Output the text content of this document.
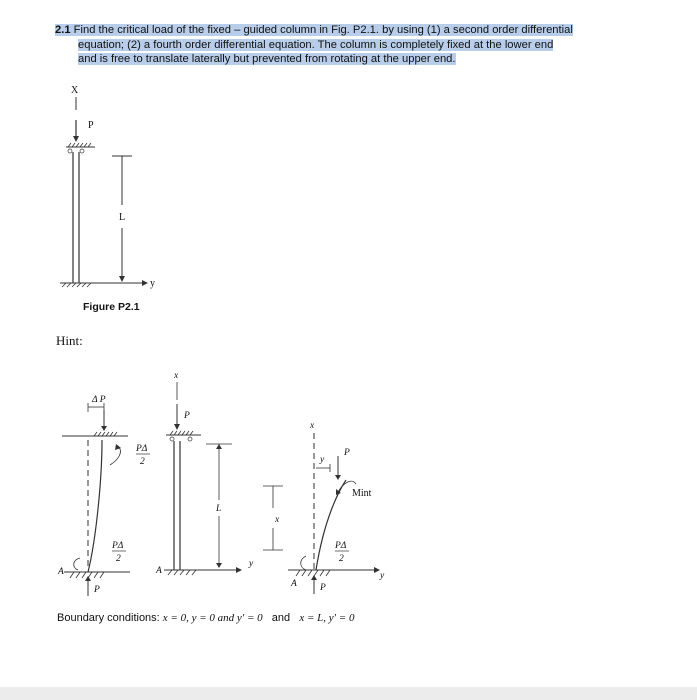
2.1 Find the critical load of the fixed – guided column in Fig. P2.1. by using (1) a second order differential
equation; (2) a fourth order differential equation. The column is completely fixed at the lower end
and is free to translate laterally but prevented from rotating at the upper end.
X
P
L
y
Δ P
PΔ
2
PΔ
2
A
P
x
P
L
A
y
x
x
y
P
Mint
PΔ
2
A P
y
Figure P2.1
Hint:
Boundary conditions: x = 0, y = 0 and y′ = 0 and x = L, y′ = 0
